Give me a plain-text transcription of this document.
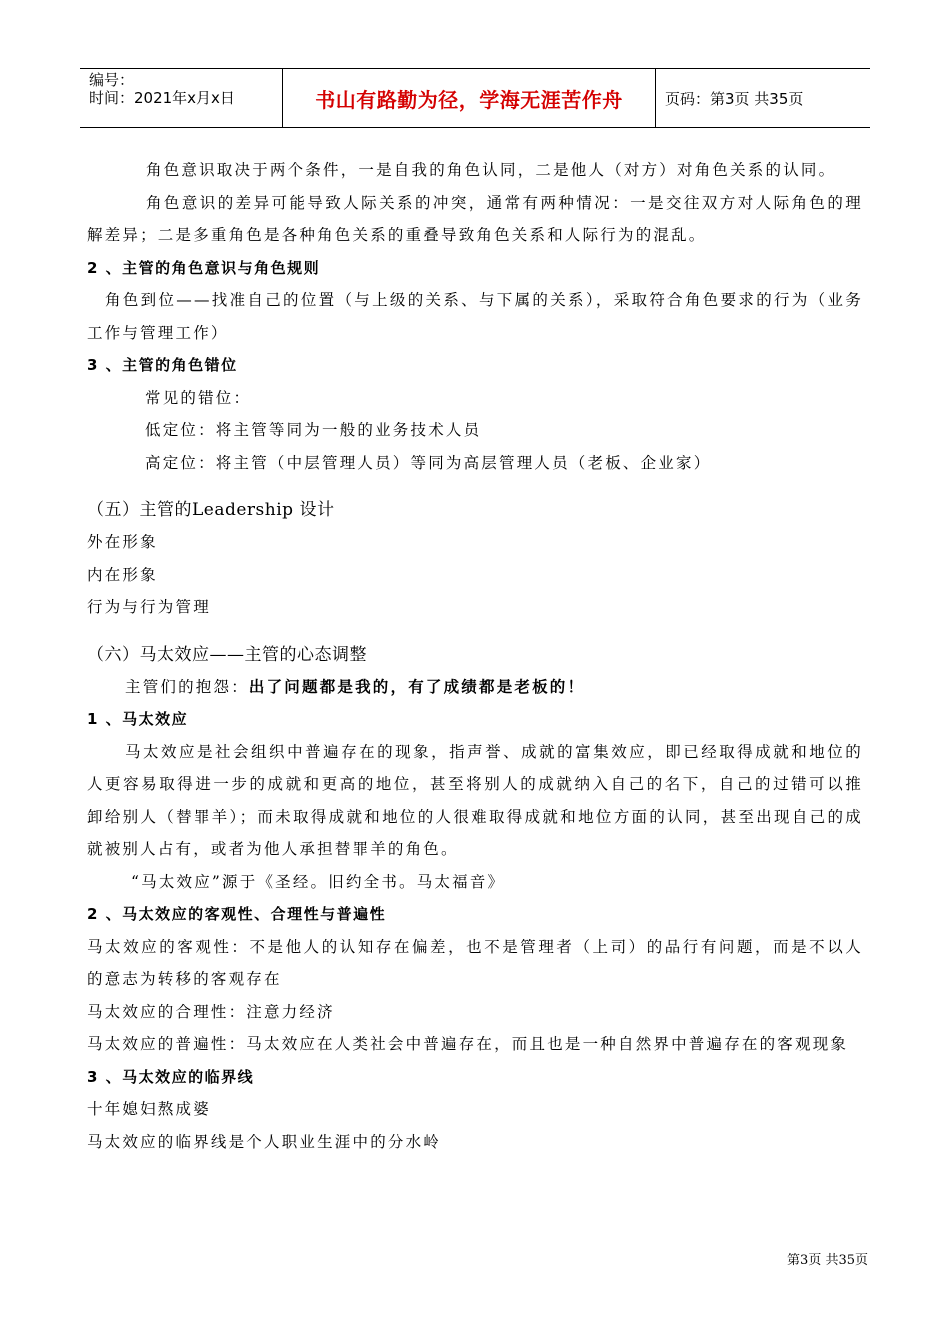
编号：
时间：2021年x月x日	书山有路勤为径，学海无涯苦作舟	页码：第3页 共35页

角色意识取决于两个条件，一是自我的角色认同，二是他人（对方）对角色关系的认同。

角色意识的差异可能导致人际关系的冲突，通常有两种情况：一是交往双方对人际角色的理解差异；二是多重角色是各种角色关系的重叠导致角色关系和人际行为的混乱。

2 、主管的角色意识与角色规则

角色到位——找准自己的位置（与上级的关系、与下属的关系），采取符合角色要求的行为（业务工作与管理工作）

3 、主管的角色错位

常见的错位：

低定位：将主管等同为一般的业务技术人员

高定位：将主管（中层管理人员）等同为高层管理人员（老板、企业家）

（五）主管的Leadership 设计

外在形象

内在形象

行为与行为管理

（六）马太效应——主管的心态调整

主管们的抱怨：出了问题都是我的，有了成绩都是老板的！

1 、马太效应

马太效应是社会组织中普遍存在的现象，指声誉、成就的富集效应，即已经取得成就和地位的人更容易取得进一步的成就和更高的地位，甚至将别人的成就纳入自己的名下，自己的过错可以推卸给别人（替罪羊）；而未取得成就和地位的人很难取得成就和地位方面的认同，甚至出现自己的成就被别人占有，或者为他人承担替罪羊的角色。

“马太效应”源于《圣经。旧约全书。马太福音》

2 、马太效应的客观性、合理性与普遍性

马太效应的客观性：不是他人的认知存在偏差，也不是管理者（上司）的品行有问题，而是不以人的意志为转移的客观存在

马太效应的合理性：注意力经济

马太效应的普遍性：马太效应在人类社会中普遍存在，而且也是一种自然界中普遍存在的客观现象

3 、马太效应的临界线

十年媳妇熬成婆

马太效应的临界线是个人职业生涯中的分水岭

第3页 共35页
